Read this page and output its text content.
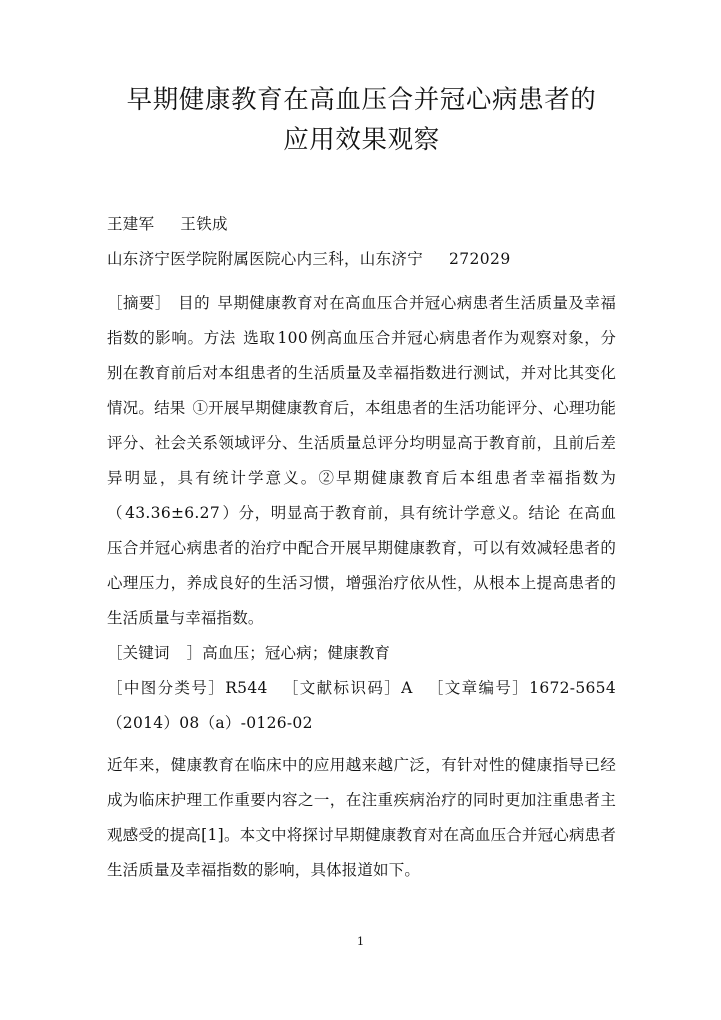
早期健康教育在高血压合并冠心病患者的
应用效果观察

王建军 王铁成

山东济宁医学院附属医院心内三科，山东济宁 272029

［摘要］ 目的 早期健康教育对在高血压合并冠心病患者生活质量及幸福指数的影响。方法 选取 100 例高血压合并冠心病患者作为观察对象，分别在教育前后对本组患者的生活质量及幸福指数进行测试，并对比其变化情况。结果 ①开展早期健康教育后，本组患者的生活功能评分、心理功能评分、社会关系领域评分、生活质量总评分均明显高于教育前，且前后差异明显，具有统计学意义。②早期健康教育后本组患者幸福指数为（ 43.36±6.27 ）分，明显高于教育前，具有统计学意义。结论 在高血压合并冠心病患者的治疗中配合开展早期健康教育，可以有效减轻患者的心理压力，养成良好的生活习惯，增强治疗依从性，从根本上提高患者的生活质量与幸福指数。

［关键词 ］高血压；冠心病；健康教育

［中图分类号］R544 ［文献标识码］A ［文章编号］1672-5654（2014）08（a）-0126-02

近年来，健康教育在临床中的应用越来越广泛，有针对性的健康指导已经成为临床护理工作重要内容之一，在注重疾病治疗的同时更加注重患者主观感受的提高[1]。本文中将探讨早期健康教育对在高血压合并冠心病患者生活质量及幸福指数的影响，具体报道如下。

1
